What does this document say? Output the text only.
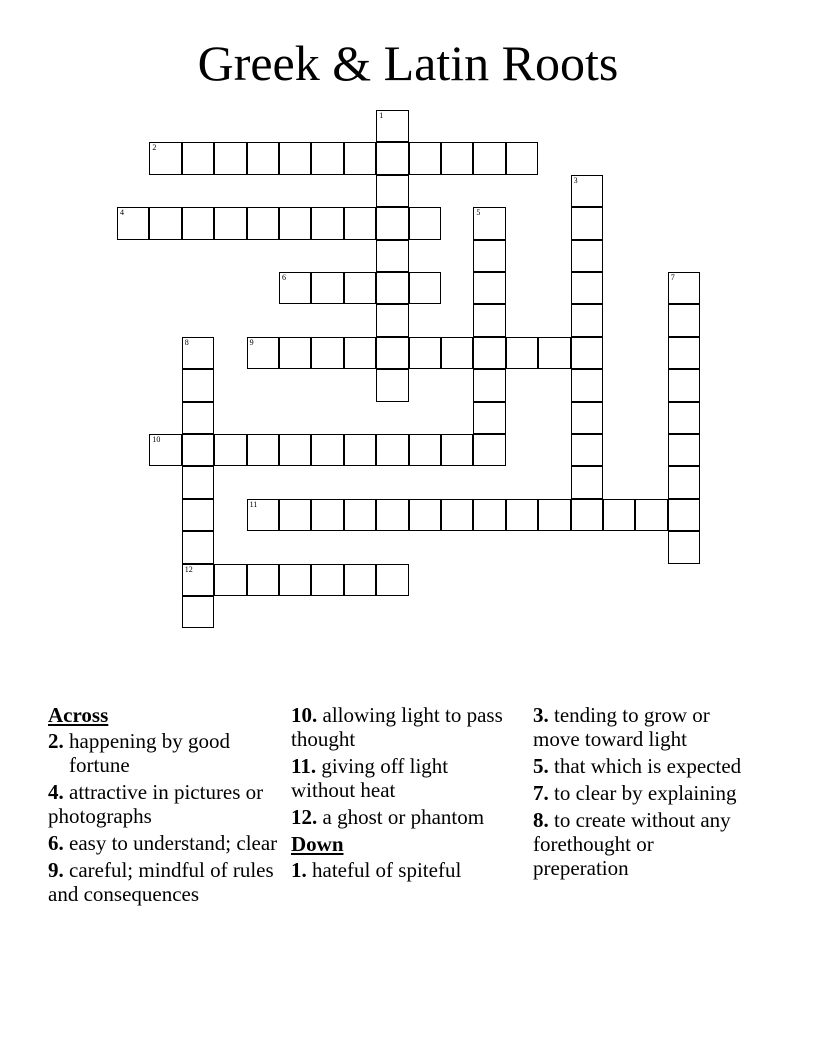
Greek & Latin Roots
1
2
3
4	5
6	7
8
12
9
10
11
Across
2. happening by good fortune
4. attractive in pictures or photographs
6. easy to understand; clear
9. careful; mindful of rules and consequences
10. allowing light to pass thought
11. giving off light without heat
12. a ghost or phantom
Down
1. hateful of spiteful
3. tending to grow or move toward light
5. that which is expected
7. to clear by explaining
8. to create without any forethought or preperation
